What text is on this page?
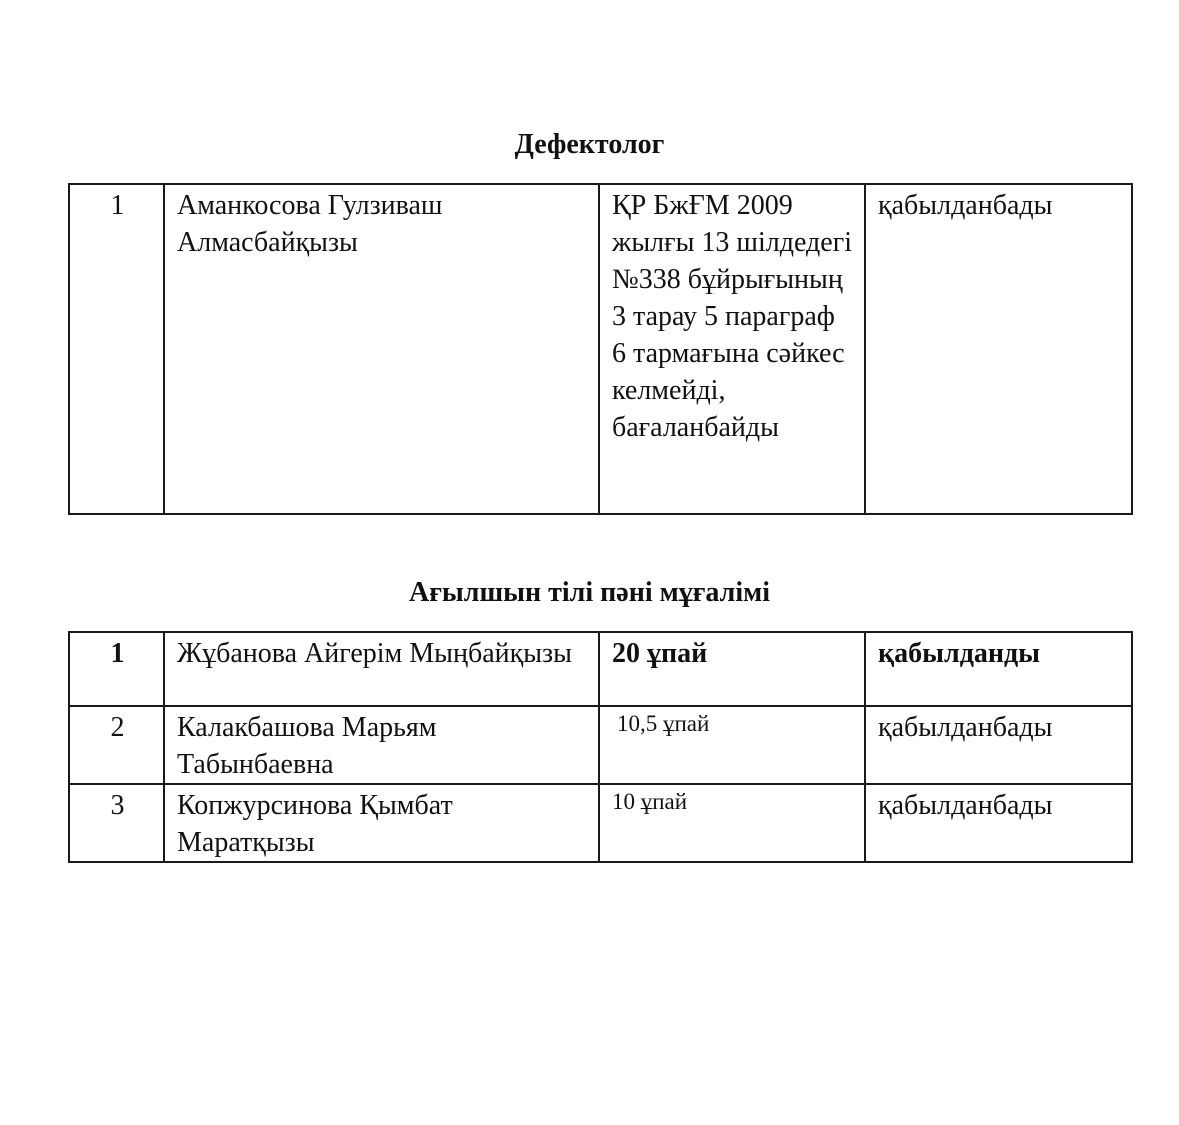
Дефектолог
1	Аманкосова Гулзиваш Алмасбайқызы	ҚР БжҒМ 2009 жылғы 13 шілдедегі №338 бұйрығының 3 тарау 5 параграф 6 тармағына сәйкес келмейді, бағаланбайды	қабылданбады
Ағылшын тілі пәні мұғалімі
1	Жұбанова Айгерім Мыңбайқызы	20 ұпай	қабылданды
2	Калакбашова Марьям Табынбаевна	10,5 ұпай	қабылданбады
3	Копжурсинова Қымбат Маратқызы	10 ұпай	қабылданбады
